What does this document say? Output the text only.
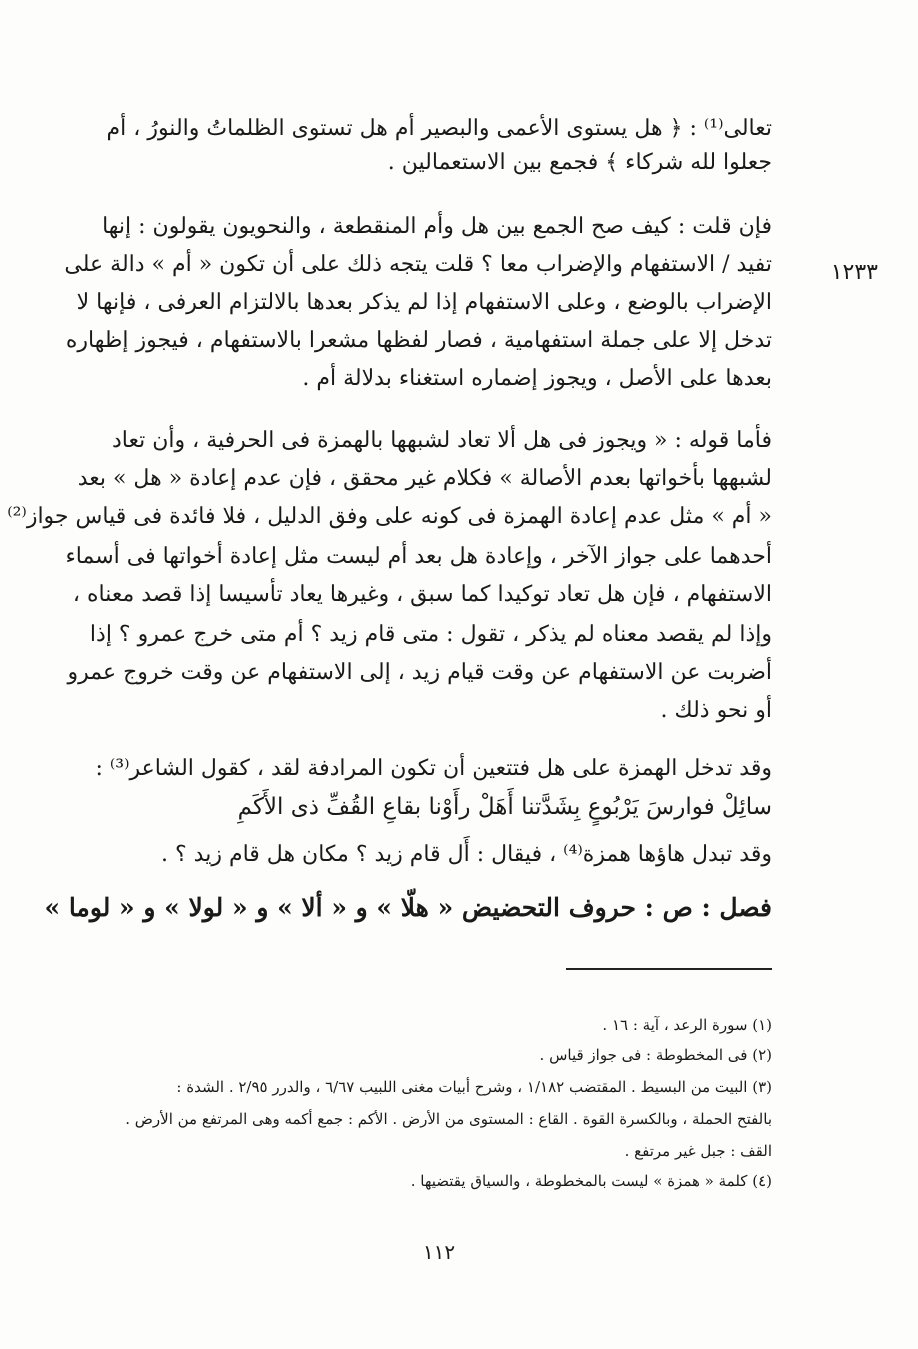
١٢٣٣
تعالى⁽¹⁾ : ﴿ هل يستوى الأعمى والبصير أم هل تستوى الظلماتُ والنورُ ، أم
جعلوا لله شركاء ﴾ فجمع بين الاستعمالين .
فإن قلت : كيف صح الجمع بين هل وأم المنقطعة ، والنحويون يقولون : إنها
تفيد / الاستفهام والإضراب معا ؟ قلت يتجه ذلك على أن تكون « أم » دالة على
الإضراب بالوضع ، وعلى الاستفهام إذا لم يذكر بعدها بالالتزام العرفى ، فإنها لا
تدخل إلا على جملة استفهامية ، فصار لفظها مشعرا بالاستفهام ، فيجوز إظهاره
بعدها على الأصل ، ويجوز إضماره استغناء بدلالة أم .
فأما قوله : « ويجوز فى هل ألا تعاد لشبهها بالهمزة فى الحرفية ، وأن تعاد
لشبهها بأخواتها بعدم الأصالة » فكلام غير محقق ، فإن عدم إعادة « هل » بعد
« أم » مثل عدم إعادة الهمزة فى كونه على وفق الدليل ، فلا فائدة فى قياس جواز⁽²⁾
أحدهما على جواز الآخر ، وإعادة هل بعد أم ليست مثل إعادة أخواتها فى أسماء
الاستفهام ، فإن هل تعاد توكيدا كما سبق ، وغيرها يعاد تأسيسا إذا قصد معناه ،
وإذا لم يقصد معناه لم يذكر ، تقول : متى قام زيد ؟ أم متى خرج عمرو ؟ إذا
أضربت عن الاستفهام عن وقت قيام زيد ، إلى الاستفهام عن وقت خروج عمرو
أو نحو ذلك .
وقد تدخل الهمزة على هل فتتعين أن تكون المرادفة لقد ، كقول الشاعر⁽³⁾ :
سائِلْ فوارسَ يَرْبُوعٍ بِشَدَّتنا أَهَلْ رأَوْنا بقاعِ القُفِّ ذى الأَكَمِ
وقد تبدل هاؤها همزة⁽⁴⁾ ، فيقال : أَل قام زيد ؟ مكان هل قام زيد ؟ .
فصل : ص : حروف التحضيض « هلّا » و « ألا » و « لولا » و « لوما »
(١) سورة الرعد ، آية : ١٦ .
(٢) فى المخطوطة : فى جواز قياس .
(٣) البيت من البسيط . المقتضب ١/١٨٢ ، وشرح أبيات مغنى اللبيب ٦/٦٧ ، والدرر ٢/٩٥ . الشدة :
بالفتح الحملة ، وبالكسرة القوة . القاع : المستوى من الأرض . الأكم : جمع أكمه وهى المرتفع من الأرض .
القف : جبل غير مرتفع .
(٤) كلمة « همزة » ليست بالمخطوطة ، والسياق يقتضيها .
١١٢
